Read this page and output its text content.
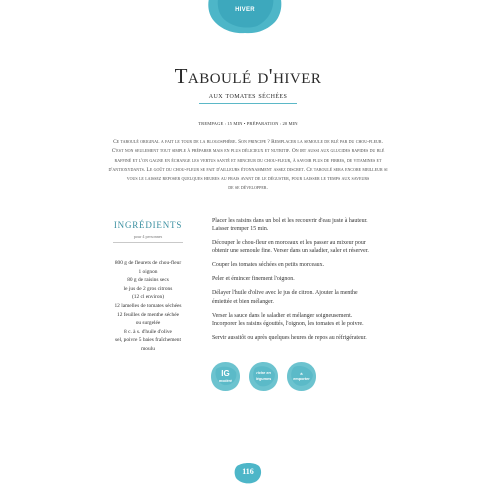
HIVER
Taboulé d'hiver
aux tomates séchées
TREMPAGE : 15 MIN • PRÉPARATION : 20 MIN
Ce taboulé original a fait le tour de la blogosphère. Son principe ? Remplacer la semoule de blé par du chou-fleur.
C'est non seulement tout simple à préparer mais en plus délicieux et nutritif. On irt aussi aux glucides rapides du blé
raffiné et l'on gagne en échange les vertus santé et minceur du chou-fleur, à savoir plus de fibres, de vitamines et
d'antioxydants. Le goût du chou-fleur se fait d'ailleurs étonnamment assez discret. Ce taboulé sera encore meilleur si
vous le laissez reposer quelques heures au frais avant de le déguster, pour laisser le temps aux saveurs
de se développer.
INGRÉDIENTS
pour 4 personnes
800 g de fleurets de chou-fleur
1 oignon
80 g de raisins secs
le jus de 2 gros citrons
(12 cl environ)
12 lamelles de tomates séchées
12 feuilles de menthe séchée
ou surgelée
8 c. à s. d'huile d'olive
sel, poivre 5 baies fraîchement
moulu
Placer les raisins dans un bol et les recouvrir d'eau juste à hauteur.
Laisser tremper 15 min.
Découper le chou-fleur en morceaux et les passer au mixeur pour
obtenir une semoule fine. Verser dans un saladier, saler et réserver.
Couper les tomates séchées en petits morceaux.
Peler et émincer finement l'oignon.
Délayer l'huile d'olive avec le jus de citron. Ajouter la menthe
émiettée et bien mélanger.
Verser la sauce dans le saladier et mélanger soigneusement.
Incorporer les raisins égouttés, l'oignon, les tomates et le poivre.
Servir aussitôt ou après quelques heures de repos au réfrigérateur.
IG
modéré
riche en
légumes
à
emporter
116
